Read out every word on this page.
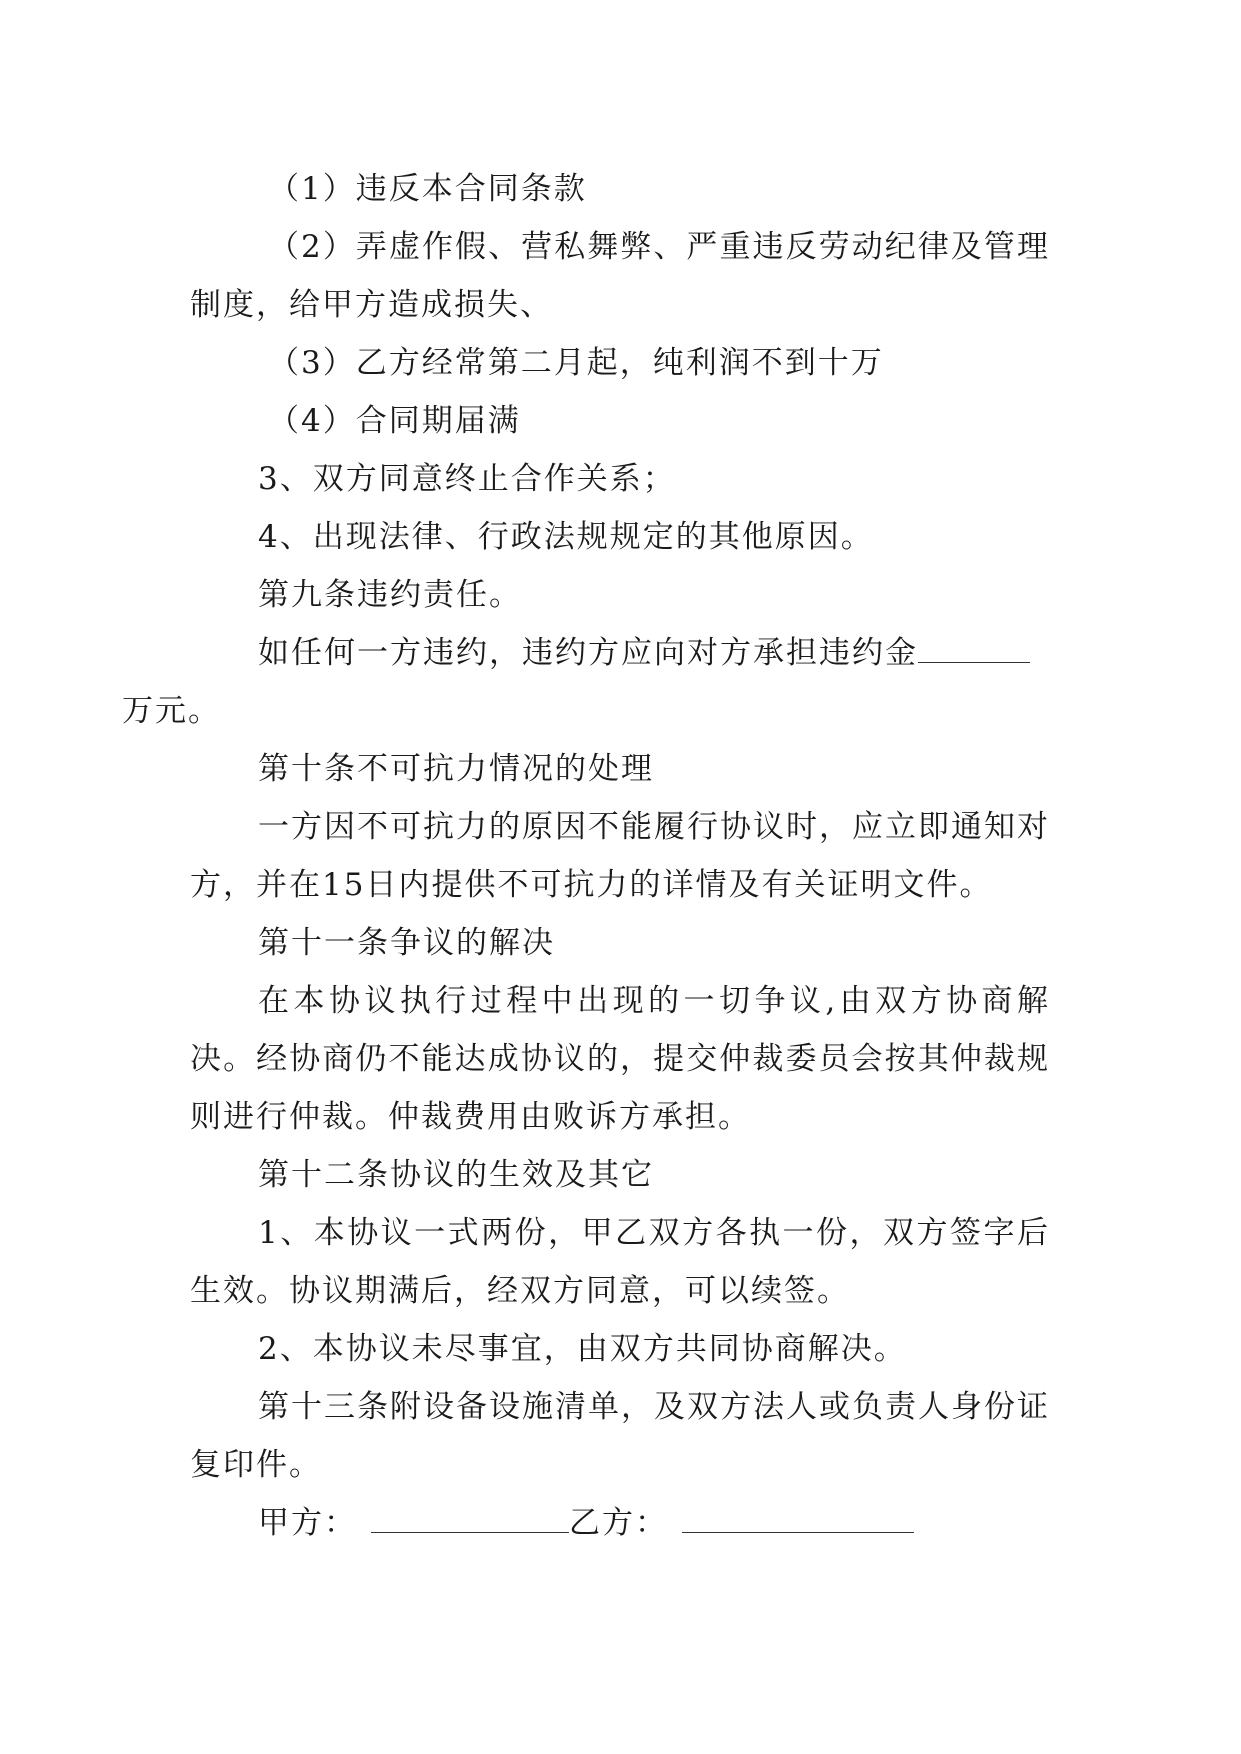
（1）违反本合同条款

（2）弄虚作假、营私舞弊、严重违反劳动纪律及管理制度，给甲方造成损失、

（3）乙方经常第二月起，纯利润不到十万

（4）合同期届满

3、双方同意终止合作关系；

4、出现法律、行政法规规定的其他原因。

第九条违约责任。

如任何一方违约，违约方应向对方承担违约金
万元。

第十条不可抗力情况的处理

一方因不可抗力的原因不能履行协议时，应立即通知对方，并在15日内提供不可抗力的详情及有关证明文件。

第十一条争议的解决

在本协议执行过程中出现的一切争议,由双方协商解决。经协商仍不能达成协议的，提交仲裁委员会按其仲裁规则进行仲裁。仲裁费用由败诉方承担。

第十二条协议的生效及其它

1、本协议一式两份，甲乙双方各执一份，双方签字后生效。协议期满后，经双方同意，可以续签。

2、本协议未尽事宜，由双方共同协商解决。

第十三条附设备设施清单，及双方法人或负责人身份证复印件。

甲方：	乙方：
